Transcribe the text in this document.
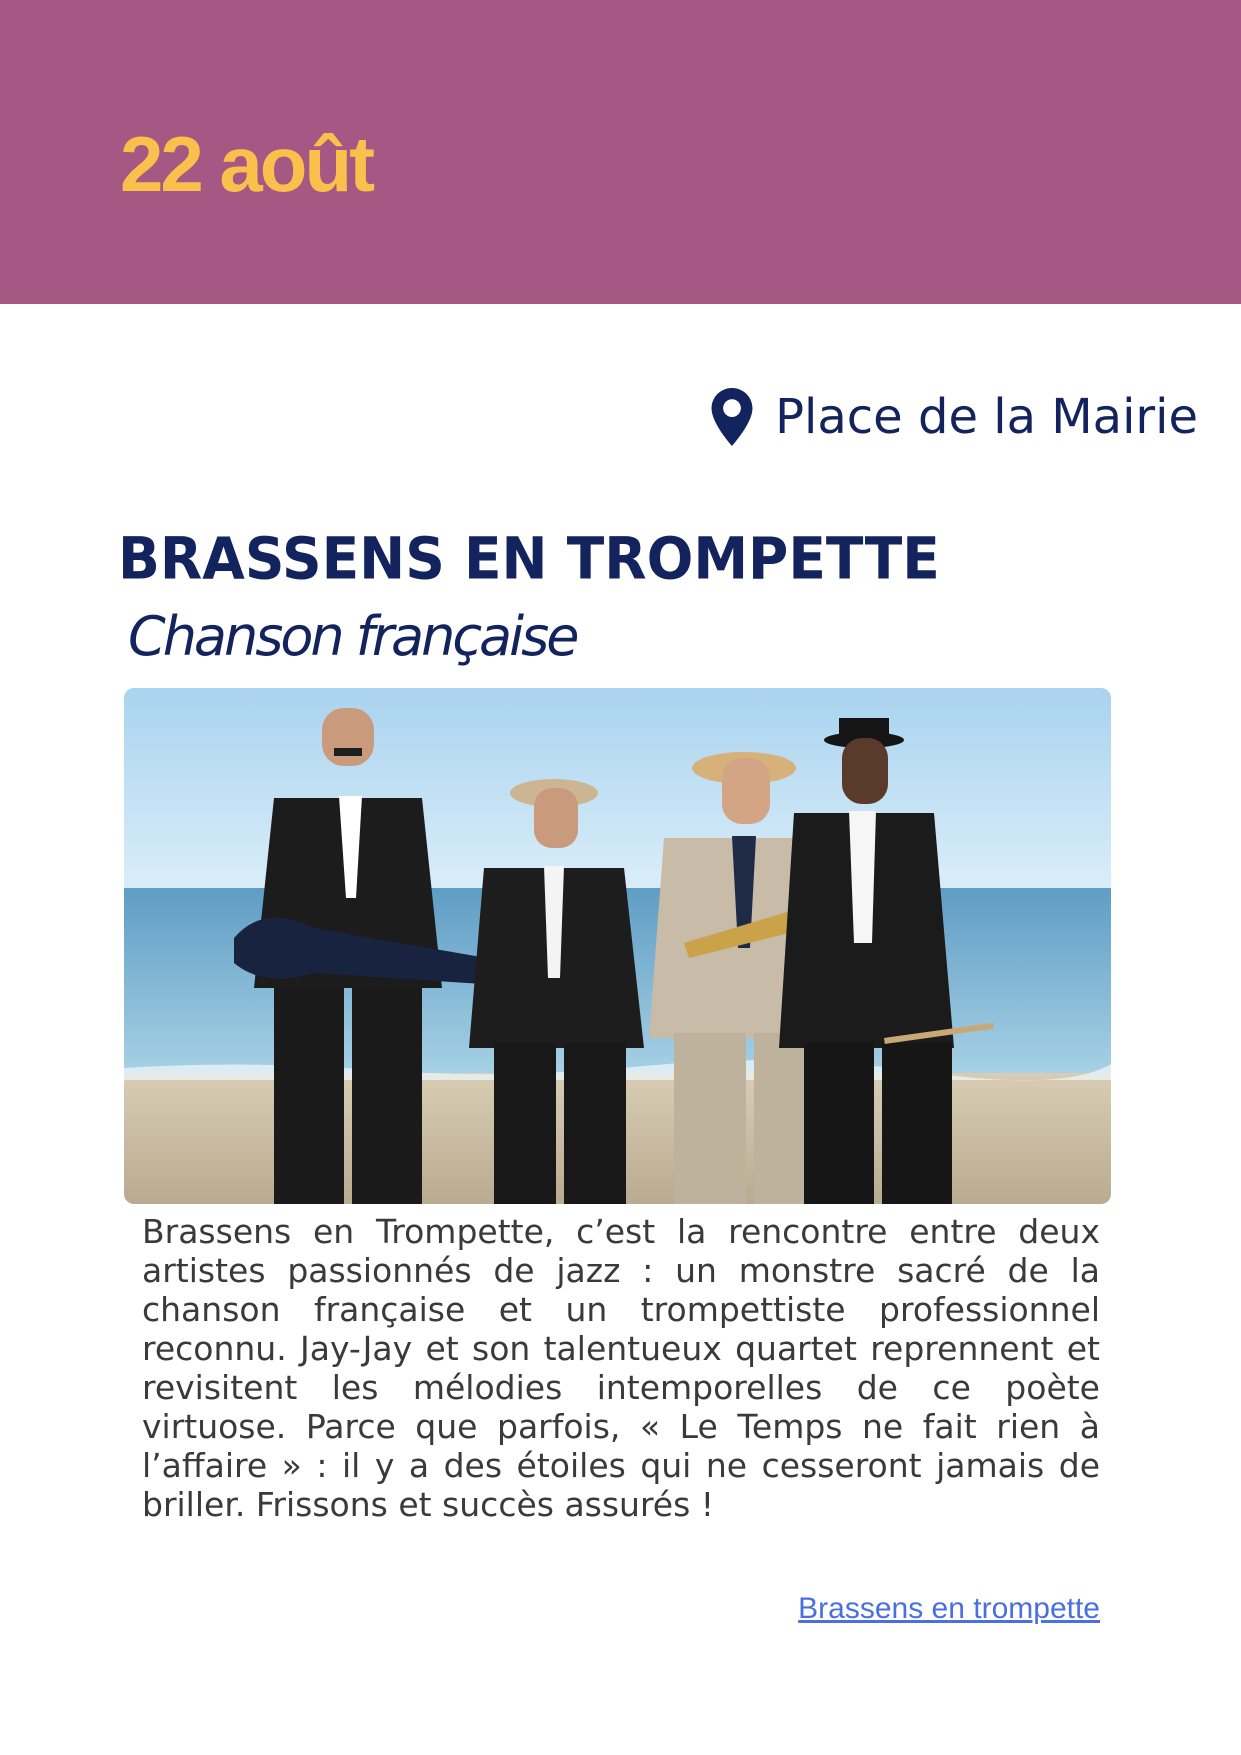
22 août
Place de la Mairie
BRASSENS EN TROMPETTE
Chanson française

Brassens en Trompette, c’est la rencontre entre deux artistes passionnés de jazz : un monstre sacré de la chanson française et un trompettiste professionnel reconnu. Jay-Jay et son talentueux quartet reprennent et revisitent les mélodies intemporelles de ce poète virtuose. Parce que parfois, « Le Temps ne fait rien à l’affaire » : il y a des étoiles qui ne cesseront jamais de briller. Frissons et succès assurés !

Brassens en trompette
